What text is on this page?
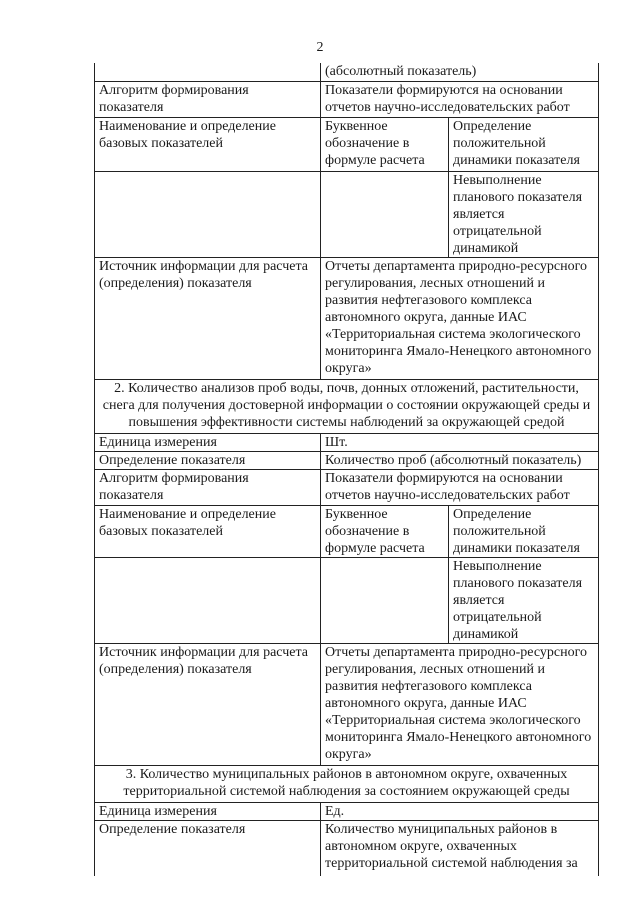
2
	(абсолютный показатель)	
Алгоритм формирования показателя	Показатели формируются на основании отчетов научно-исследовательских работ	
Наименование и определение базовых показателей	Буквенное обозначение в формуле расчета	Определение положительной динамики показателя
		Невыполнение планового показателя является отрицательной динамикой
Источник информации для расчета (определения) показателя	Отчеты департамента природно-ресурсного регулирования, лесных отношений и развития нефтегазового комплекса автономного округа, данные ИАС «Территориальная система экологического мониторинга Ямало-Ненецкого автономного округа»	
2. Количество анализов проб воды, почв, донных отложений, растительности, снега для получения достоверной информации о состоянии окружающей среды и повышения эффективности системы наблюдений за окружающей средой		
Единица измерения	Шт.	
Определение показателя	Количество проб (абсолютный показатель)	
Алгоритм формирования показателя	Показатели формируются на основании отчетов научно-исследовательских работ	
Наименование и определение базовых показателей	Буквенное обозначение в формуле расчета	Определение положительной динамики показателя
		Невыполнение планового показателя является отрицательной динамикой
Источник информации для расчета (определения) показателя	Отчеты департамента природно-ресурсного регулирования, лесных отношений и развития нефтегазового комплекса автономного округа, данные ИАС «Территориальная система экологического мониторинга Ямало-Ненецкого автономного округа»	
3. Количество муниципальных районов в автономном округе, охваченных территориальной системой наблюдения за состоянием окружающей среды		
Единица измерения	Ед.	
Определение показателя	Количество муниципальных районов в автономном округе, охваченных территориальной системой наблюдения за	
